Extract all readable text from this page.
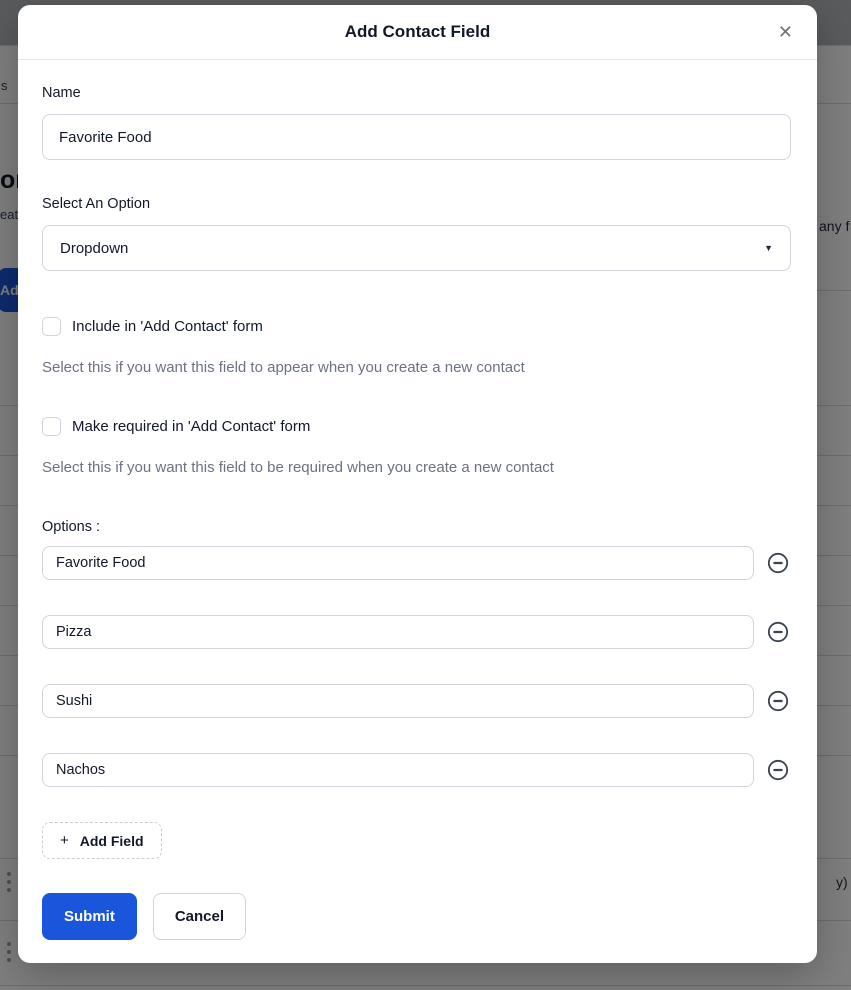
Add Contact Field	✕
Name
Favorite Food
Select An Option
Dropdown	▼
Include in 'Add Contact' form
Select this if you want this field to appear when you create a new contact
Make required in 'Add Contact' form
Select this if you want this field to be required when you create a new contact
Options :
Favorite Food
Pizza
Sushi
Nachos
+ Add Field
Submit	Cancel
